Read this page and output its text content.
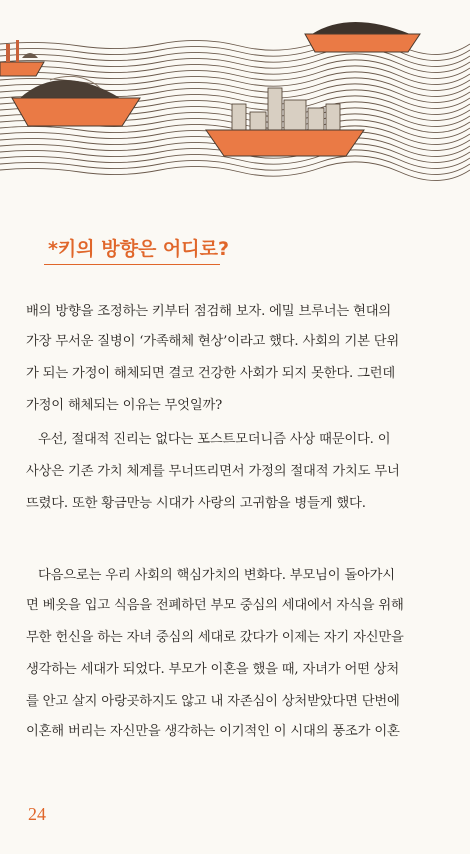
*키의 방향은 어디로?
배의 방향을 조정하는 키부터 점검해 보자. 에밀 브루너는 현대의
가장 무서운 질병이 ‘가족해체 현상’이라고 했다. 사회의 기본 단위
가 되는 가정이 해체되면 결코 건강한 사회가 되지 못한다. 그런데
가정이 해체되는 이유는 무엇일까?
우선, 절대적 진리는 없다는 포스트모더니즘 사상 때문이다. 이
사상은 기존 가치 체계를 무너뜨리면서 가정의 절대적 가치도 무너
뜨렸다. 또한 황금만능 시대가 사랑의 고귀함을 병들게 했다.
다음으로는 우리 사회의 핵심가치의 변화다. 부모님이 돌아가시
면 베옷을 입고 식음을 전폐하던 부모 중심의 세대에서 자식을 위해
무한 헌신을 하는 자녀 중심의 세대로 갔다가 이제는 자기 자신만을
생각하는 세대가 되었다. 부모가 이혼을 했을 때, 자녀가 어떤 상처
를 안고 살지 아랑곳하지도 않고 내 자존심이 상처받았다면 단번에
이혼해 버리는 자신만을 생각하는 이기적인 이 시대의 풍조가 이혼
24
